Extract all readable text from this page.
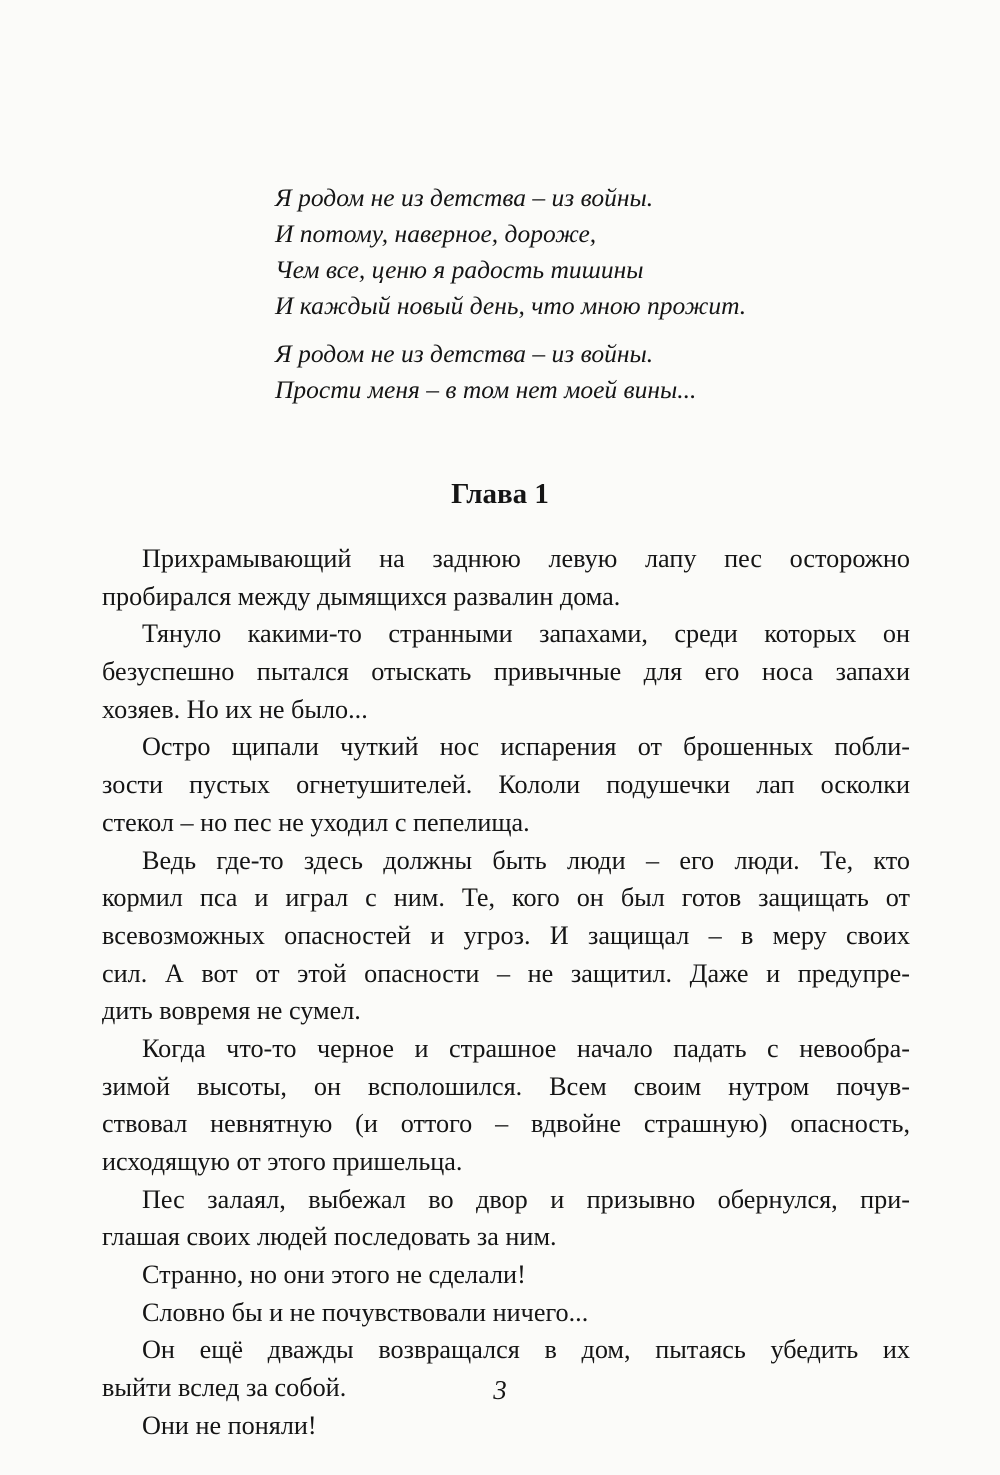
Я родом не из детства – из войны.
И потому, наверное, дороже,
Чем все, ценю я радость тишины
И каждый новый день, что мною прожит.

Я родом не из детства – из войны.
Прости меня – в том нет моей вины...

Глава 1

Прихрамывающий на заднюю левую лапу пес осторожно
пробирался между дымящихся развалин дома.

Тянуло какими-то странными запахами, среди которых он
безуспешно пытался отыскать привычные для его носа запахи
хозяев. Но их не было...

Остро щипали чуткий нос испарения от брошенных побли-
зости пустых огнетушителей. Кололи подушечки лап осколки
стекол – но пес не уходил с пепелища.

Ведь где-то здесь должны быть люди – его люди. Те, кто
кормил пса и играл с ним. Те, кого он был готов защищать от
всевозможных опасностей и угроз. И защищал – в меру своих
сил. А вот от этой опасности – не защитил. Даже и предупре-
дить вовремя не сумел.

Когда что-то черное и страшное начало падать с невообра-
зимой высоты, он всполошился. Всем своим нутром почув-
ствовал невнятную (и оттого – вдвойне страшную) опасность,
исходящую от этого пришельца.

Пес залаял, выбежал во двор и призывно обернулся, при-
глашая своих людей последовать за ним.

Странно, но они этого не сделали!

Словно бы и не почувствовали ничего...

Он ещё дважды возвращался в дом, пытаясь убедить их
выйти вслед за собой.

Они не поняли!

3
